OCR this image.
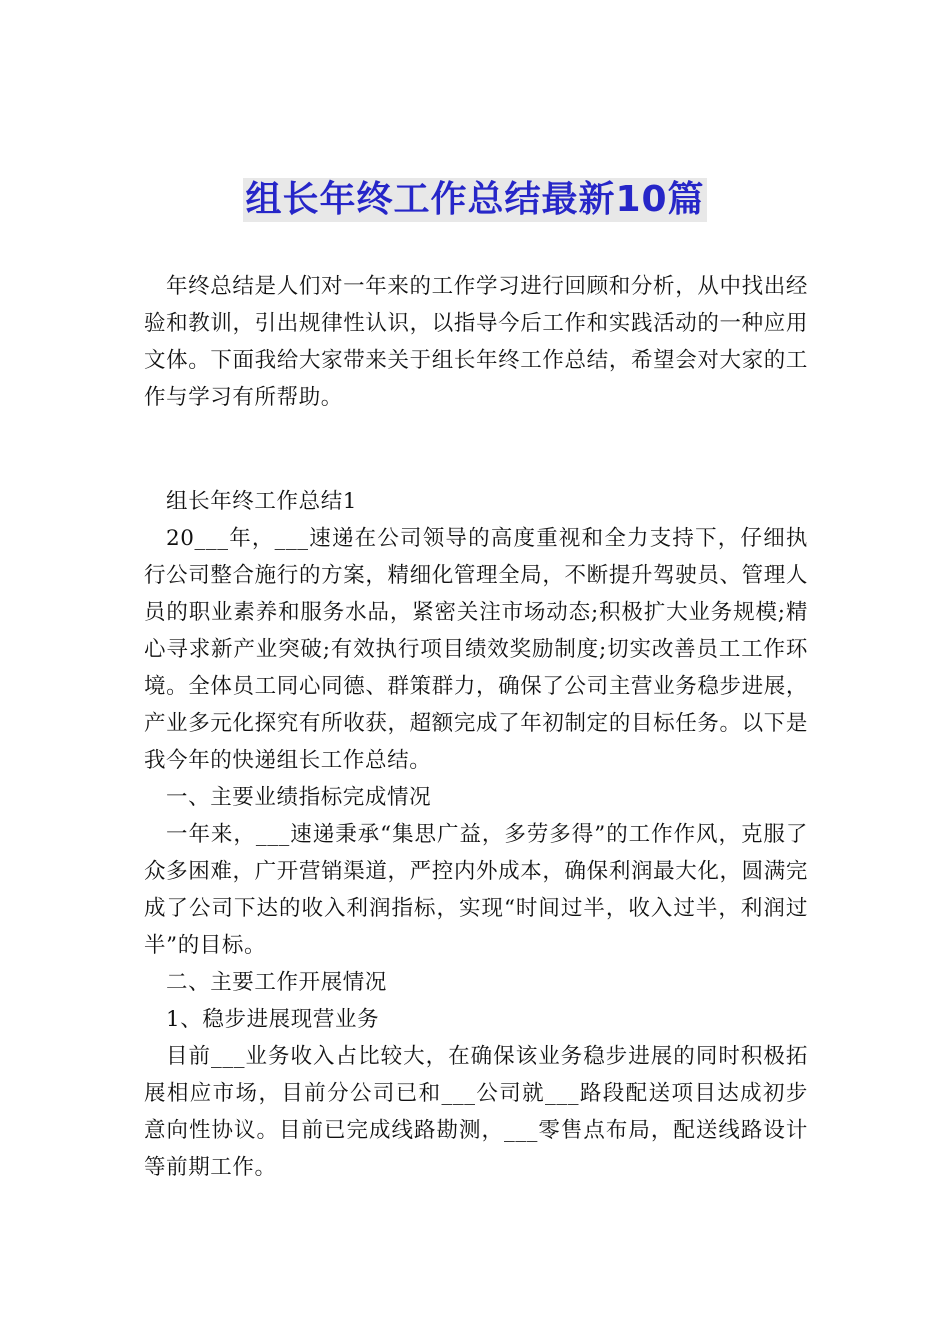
组长年终工作总结最新10篇

年终总结是人们对一年来的工作学习进行回顾和分析，从中找出经验和教训，引出规律性认识，以指导今后工作和实践活动的一种应用文体。下面我给大家带来关于组长年终工作总结，希望会对大家的工作与学习有所帮助。

组长年终工作总结1

20___年，___速递在公司领导的高度重视和全力支持下，仔细执行公司整合施行的方案，精细化管理全局，不断提升驾驶员、管理人员的职业素养和服务水品，紧密关注市场动态;积极扩大业务规模;精心寻求新产业突破;有效执行项目绩效奖励制度;切实改善员工工作环境。全体员工同心同德、群策群力，确保了公司主营业务稳步进展，产业多元化探究有所收获，超额完成了年初制定的目标任务。以下是我今年的快递组长工作总结。

一、主要业绩指标完成情况

一年来，___速递秉承“集思广益，多劳多得”的工作作风，克服了众多困难，广开营销渠道，严控内外成本，确保利润最大化，圆满完成了公司下达的收入利润指标，实现“时间过半，收入过半，利润过半”的目标。

二、主要工作开展情况

1、稳步进展现营业务

目前___业务收入占比较大，在确保该业务稳步进展的同时积极拓展相应市场，目前分公司已和___公司就___路段配送项目达成初步意向性协议。目前已完成线路勘测，___零售点布局，配送线路设计等前期工作。
